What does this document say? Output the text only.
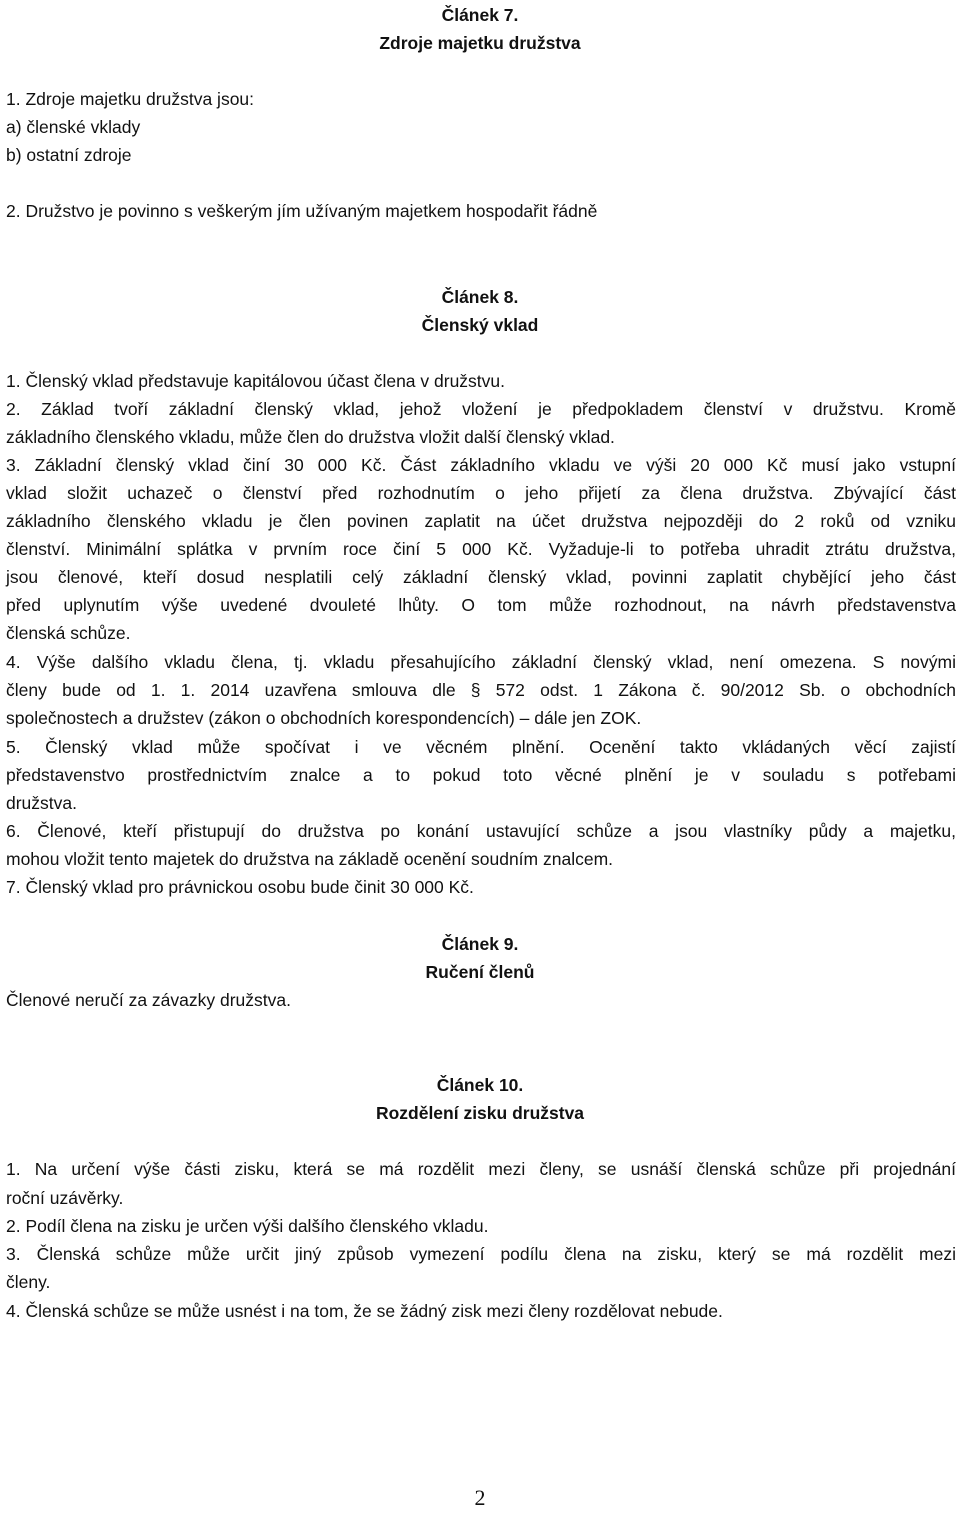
Článek 7.
Zdroje majetku družstva
1. Zdroje majetku družstva jsou:
a) členské vklady
b) ostatní zdroje
2. Družstvo je povinno s veškerým jím užívaným majetkem hospodařit řádně
Článek 8.
Členský vklad
1. Členský vklad představuje kapitálovou účast člena v družstvu.
2. Základ tvoří základní členský vklad, jehož vložení je předpokladem členství v družstvu. Kromě
základního členského vkladu, může člen do družstva vložit další členský vklad.
3. Základní členský vklad činí 30 000 Kč. Část základního vkladu ve výši 20 000 Kč musí jako vstupní
vklad složit uchazeč o členství před rozhodnutím o jeho přijetí za člena družstva. Zbývající část
základního členského vkladu je člen povinen zaplatit na účet družstva nejpozději do 2 roků od vzniku
členství. Minimální splátka v prvním roce činí 5 000 Kč. Vyžaduje-li to potřeba uhradit ztrátu družstva,
jsou členové, kteří dosud nesplatili celý základní členský vklad, povinni zaplatit chybějící jeho část
před uplynutím výše uvedené dvouleté lhůty. O tom může rozhodnout, na návrh představenstva
členská schůze.
4. Výše dalšího vkladu člena, tj. vkladu přesahujícího základní členský vklad, není omezena. S novými
členy bude od 1. 1. 2014 uzavřena smlouva dle § 572 odst. 1 Zákona č. 90/2012 Sb. o obchodních
společnostech a družstev (zákon o obchodních korespondencích) – dále jen ZOK.
5. Členský vklad může spočívat i ve věcném plnění. Ocenění takto vkládaných věcí zajistí
představenstvo prostřednictvím znalce a to pokud toto věcné plnění je v souladu s potřebami
družstva.
6. Členové, kteří přistupují do družstva po konání ustavující schůze a jsou vlastníky půdy a majetku,
mohou vložit tento majetek do družstva na základě ocenění soudním znalcem.
7. Členský vklad pro právnickou osobu bude činit 30 000 Kč.
Článek 9.
Ručení členů
Členové neručí za závazky družstva.
Článek 10.
Rozdělení zisku družstva
1. Na určení výše části zisku, která se má rozdělit mezi členy, se usnáší členská schůze při projednání
roční uzávěrky.
2. Podíl člena na zisku je určen výši dalšího členského vkladu.
3. Členská schůze může určit jiný způsob vymezení podílu člena na zisku, který se má rozdělit mezi
členy.
4. Členská schůze se může usnést i na tom, že se žádný zisk mezi členy rozdělovat nebude.
2
